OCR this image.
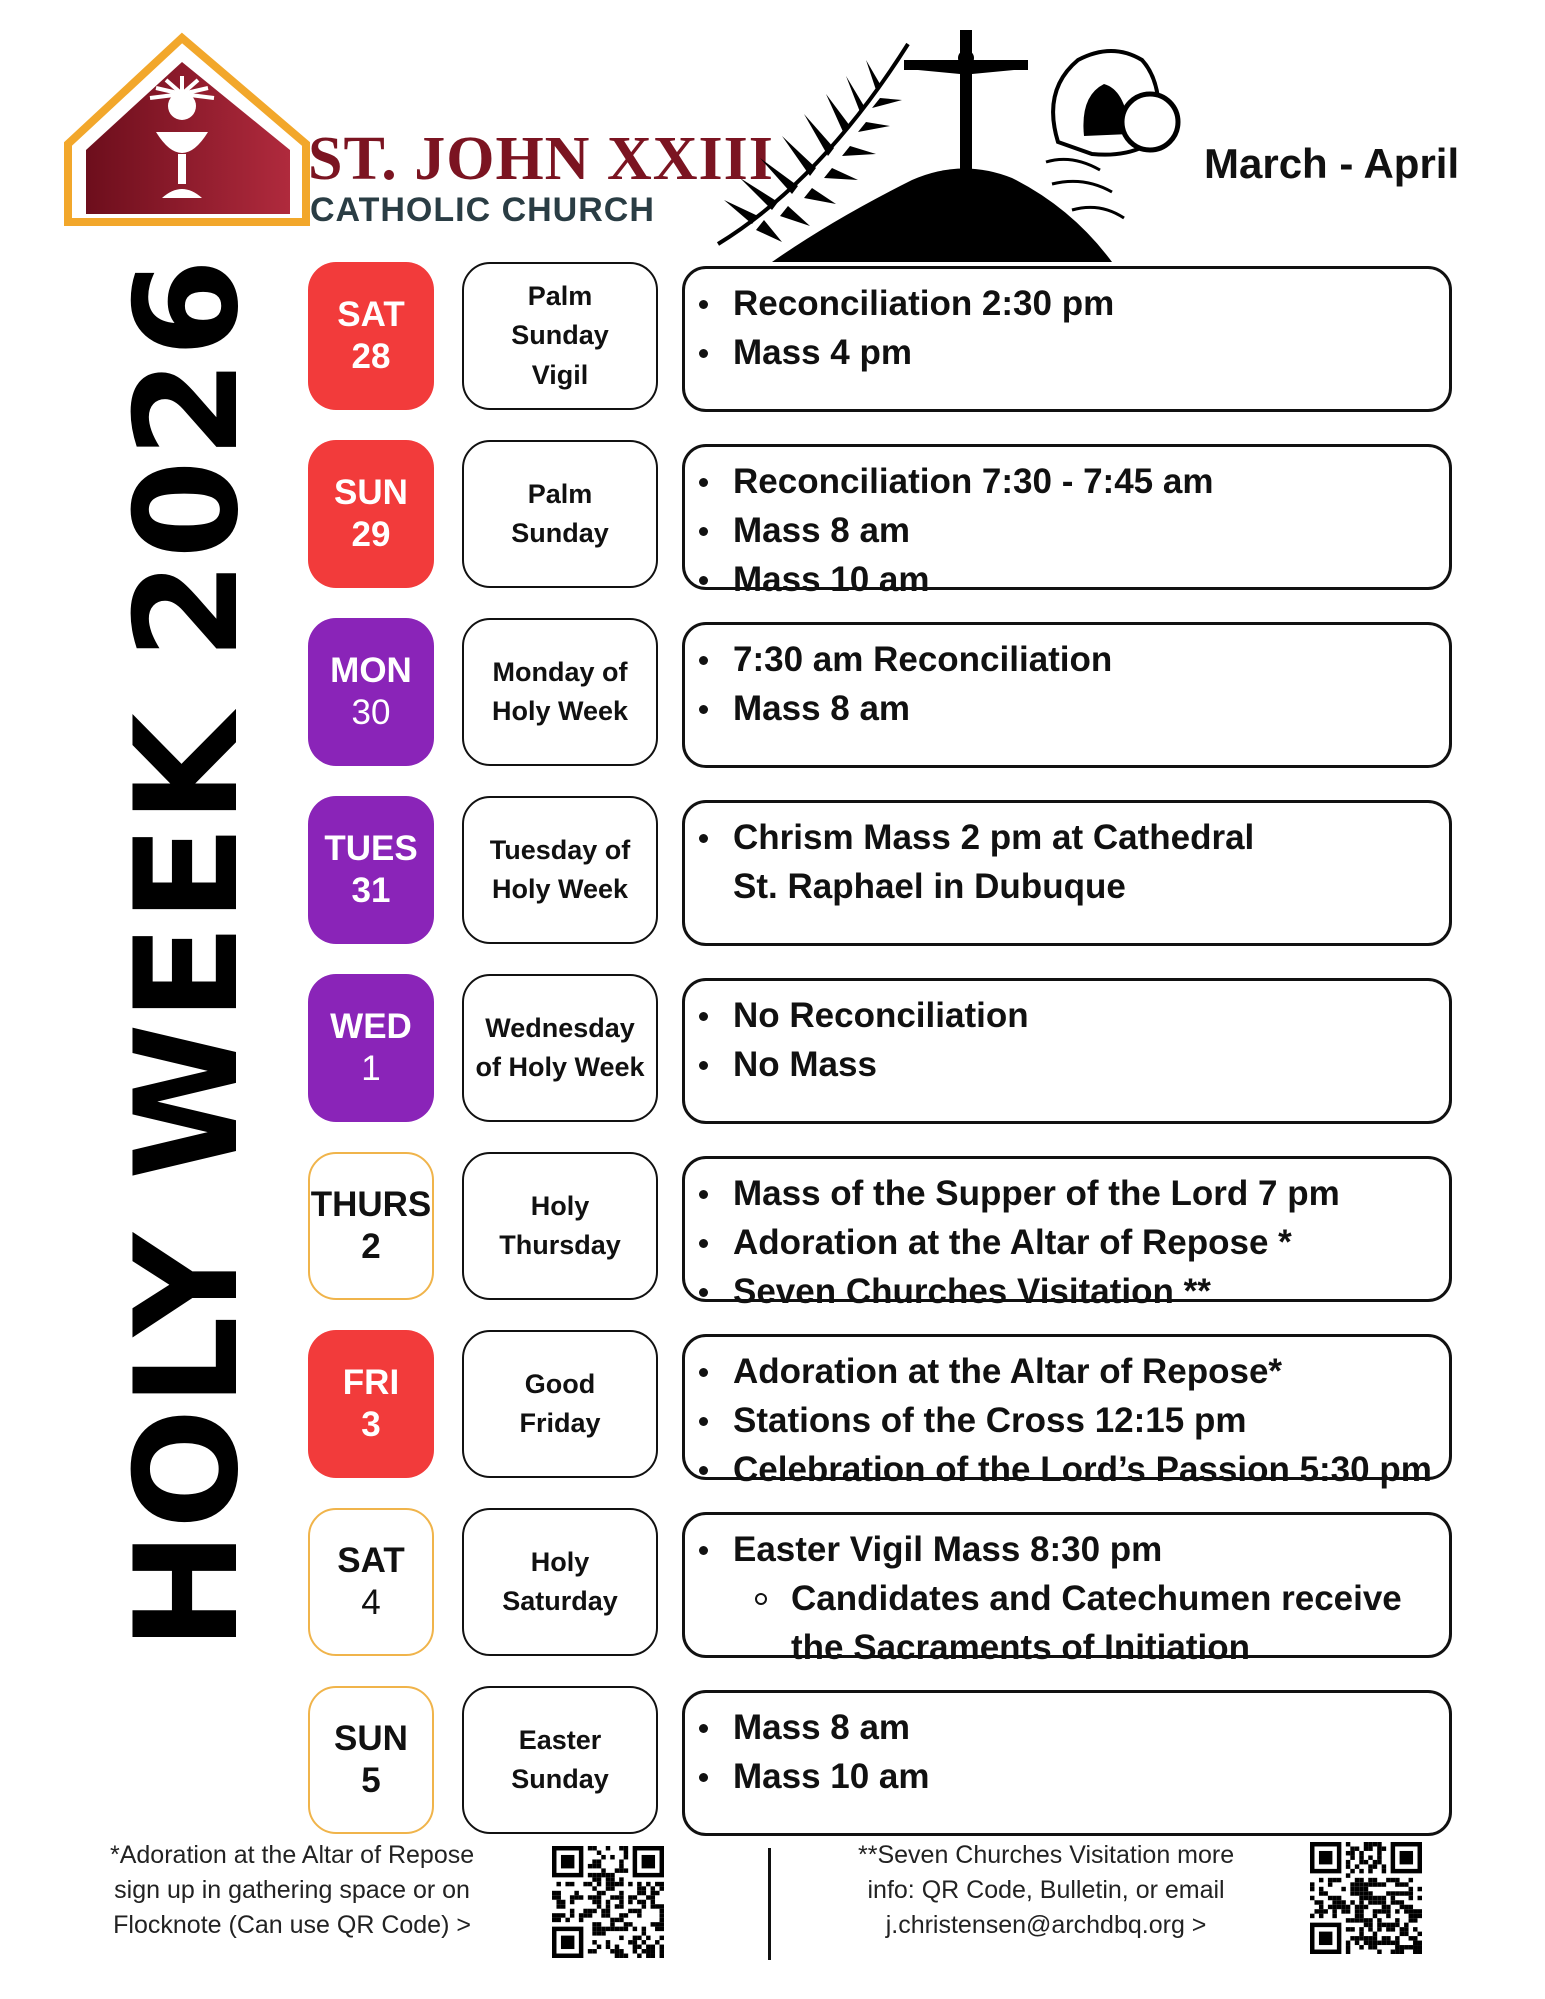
ST. JOHN XXIII
CATHOLIC CHURCH
March - April
HOLY WEEK 2026 SAT
28
Palm
Sunday
Vigil
Reconciliation 2:30 pm
Mass 4 pm
SUN
29
Palm
Sunday
Reconciliation 7:30 - 7:45 am
Mass 8 am
Mass 10 am
MON
30
Monday of
Holy Week
7:30 am Reconciliation
Mass 8 am
TUES
31
Tuesday of
Holy Week
Chrism Mass 2 pm at Cathedral
St. Raphael in Dubuque
WED
1
Wednesday
of Holy Week
No Reconciliation
No Mass
THURS
2
Holy
Thursday
Mass of the Supper of the Lord 7 pm
Adoration at the Altar of Repose *
Seven Churches Visitation **
FRI
3
Good
Friday
Adoration at the Altar of Repose*
Stations of the Cross 12:15 pm
Celebration of the Lord’s Passion 5:30 pm
SAT
4
Holy
Saturday
Easter Vigil Mass 8:30 pm
Candidates and Catechumen receive
the Sacraments of Initiation
SUN
5
Easter
Sunday
Mass 8 am
Mass 10 am
*Adoration at the Altar of Repose
sign up in gathering space or on
Flocknote (Can use QR Code) >
**Seven Churches Visitation more
info: QR Code, Bulletin, or email
j.christensen@archdbq.org >
